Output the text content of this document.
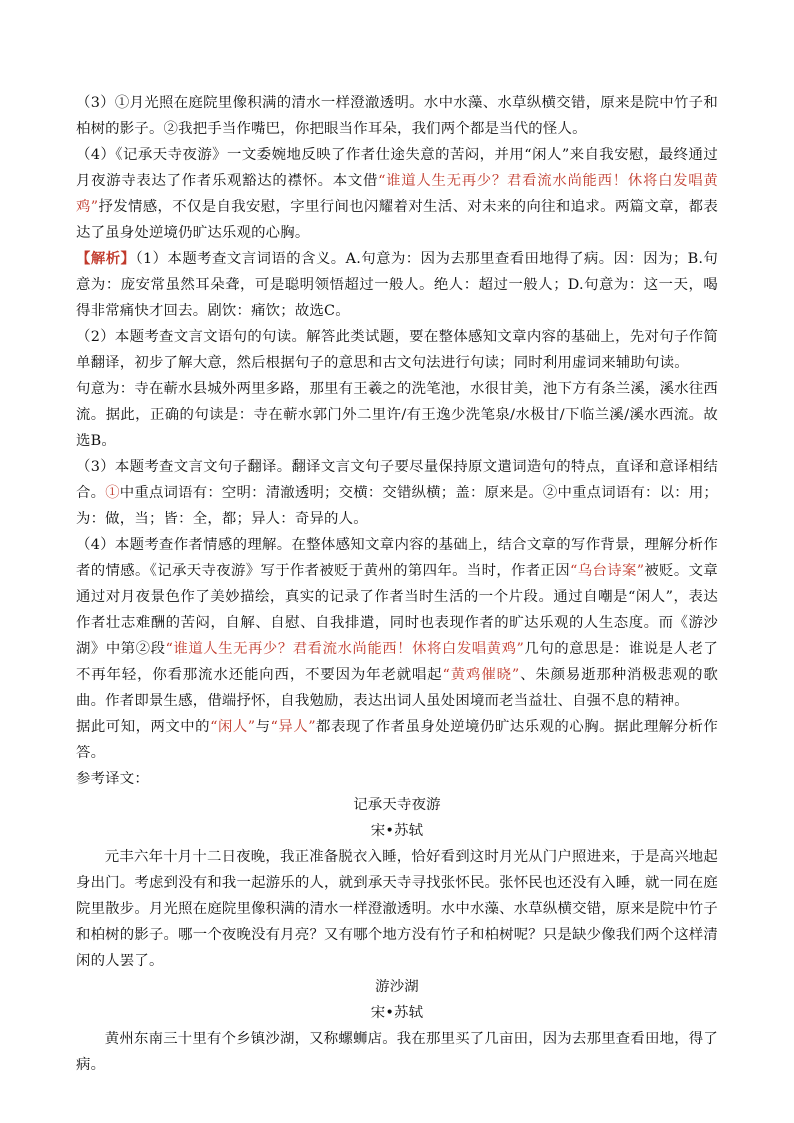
（3）①月光照在庭院里像积满的清水一样澄澈透明。水中水藻、水草纵横交错，原来是院中竹子和柏树的影子。②我把手当作嘴巴，你把眼当作耳朵，我们两个都是当代的怪人。

（4）《记承天寺夜游》一文委婉地反映了作者仕途失意的苦闷，并用“闲人”来自我安慰，最终通过月夜游寺表达了作者乐观豁达的襟怀。本文借“谁道人生无再少？君看流水尚能西！休将白发唱黄鸡”抒发情感，不仅是自我安慰，字里行间也闪耀着对生活、对未来的向往和追求。两篇文章，都表达了虽身处逆境仍旷达乐观的心胸。

【解析】（1）本题考查文言词语的含义。A.句意为：因为去那里查看田地得了病。因：因为；B.句意为：庞安常虽然耳朵聋，可是聪明领悟超过一般人。绝人：超过一般人；D.句意为：这一天，喝得非常痛快才回去。剧饮：痛饮；故选C。

（2）本题考查文言文语句的句读。解答此类试题，要在整体感知文章内容的基础上，先对句子作简单翻译，初步了解大意，然后根据句子的意思和古文句法进行句读；同时利用虚词来辅助句读。

句意为：寺在蕲水县城外两里多路，那里有王羲之的洗笔池，水很甘美，池下方有条兰溪，溪水往西流。据此，正确的句读是：寺在蕲水郭门外二里许/有王逸少洗笔泉/水极甘/下临兰溪/溪水西流。故选B。

（3）本题考查文言文句子翻译。翻译文言文句子要尽量保持原文遣词造句的特点，直译和意译相结合。①中重点词语有：空明：清澈透明；交横：交错纵横；盖：原来是。②中重点词语有：以：用；为：做，当；皆：全，都；异人：奇异的人。

（4）本题考查作者情感的理解。在整体感知文章内容的基础上，结合文章的写作背景，理解分析作者的情感。《记承天寺夜游》写于作者被贬于黄州的第四年。当时，作者正因“乌台诗案”被贬。文章通过对月夜景色作了美妙描绘，真实的记录了作者当时生活的一个片段。通过自嘲是“闲人”，表达作者壮志难酬的苦闷，自解、自慰、自我排遣，同时也表现作者的旷达乐观的人生态度。而《游沙湖》中第②段“谁道人生无再少？君看流水尚能西！休将白发唱黄鸡”几句的意思是：谁说是人老了不再年轻，你看那流水还能向西，不要因为年老就唱起“黄鸡催晓”、朱颜易逝那种消极悲观的歌曲。作者即景生感，借端抒怀，自我勉励，表达出词人虽处困境而老当益壮、自强不息的精神。

据此可知，两文中的“闲人”与“异人”都表现了作者虽身处逆境仍旷达乐观的心胸。据此理解分析作答。

参考译文：

记承天寺夜游

宋•苏轼

元丰六年十月十二日夜晚，我正准备脱衣入睡，恰好看到这时月光从门户照进来，于是高兴地起身出门。考虑到没有和我一起游乐的人，就到承天寺寻找张怀民。张怀民也还没有入睡，就一同在庭院里散步。月光照在庭院里像积满的清水一样澄澈透明。水中水藻、水草纵横交错，原来是院中竹子和柏树的影子。哪一个夜晚没有月亮？又有哪个地方没有竹子和柏树呢？只是缺少像我们两个这样清闲的人罢了。

游沙湖

宋•苏轼

黄州东南三十里有个乡镇沙湖，又称螺蛳店。我在那里买了几亩田，因为去那里查看田地，得了病。
